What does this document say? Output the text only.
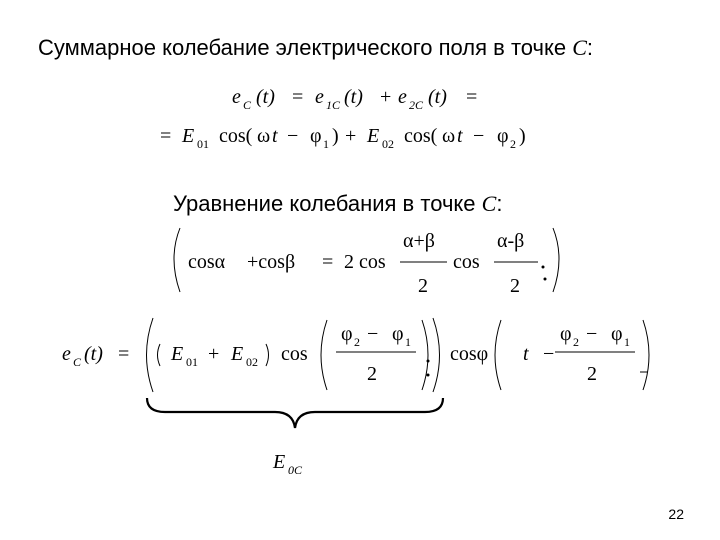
Суммарное колебание электрического поля в точке C:
Уравнение колебания в точке C:
e C (t) = e 1C (t) + e 2C (t) =
= E 01 cos( ω t − φ 1 ) + E 02 cos( ω t − φ 2 )
cosα +cosβ = 2 cos
α+β
2
cos
α-β
2
e C (t) = E 01 + E 02 cos
φ 2 − φ 1
2
cosφ t −
φ 2 − φ 1
2
E 0C
22
